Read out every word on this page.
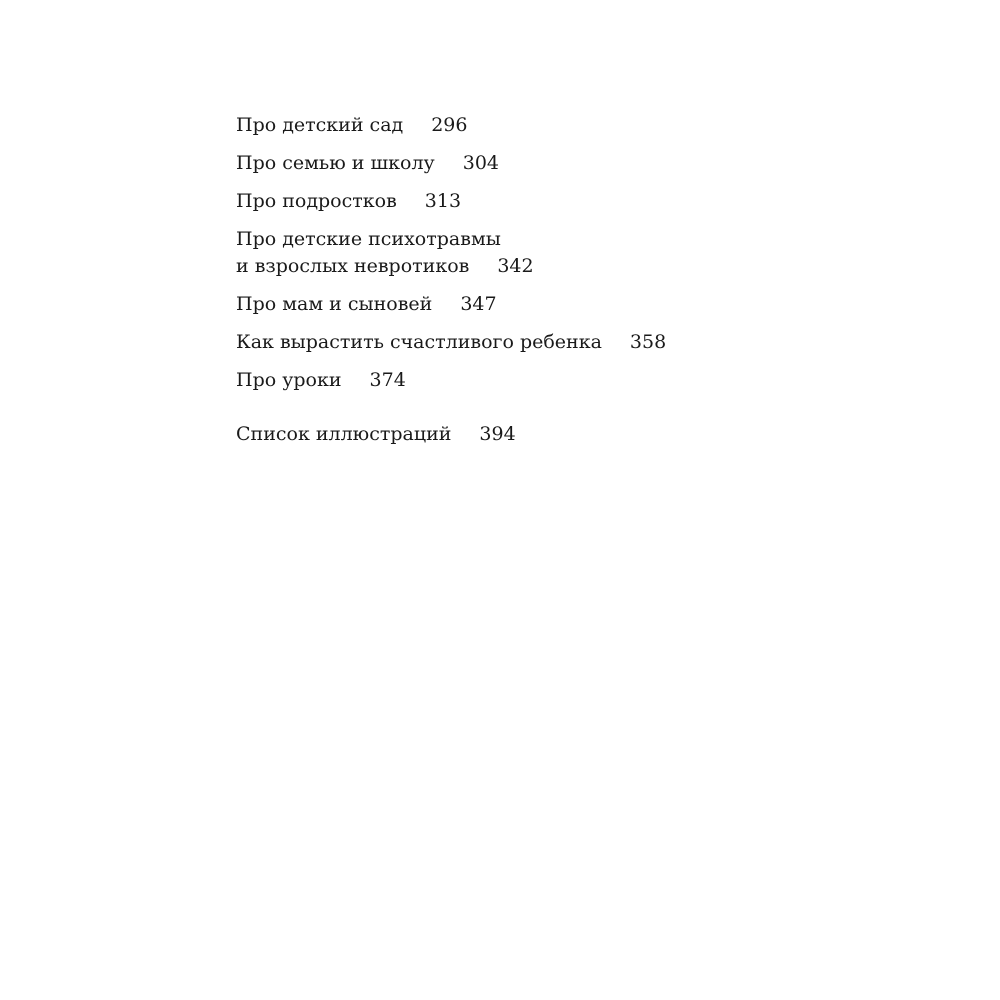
Про детский сад 296
Про семью и школу 304
Про подростков 313
Про детские психотравмы
и взрослых невротиков 342
Про мам и сыновей 347
Как вырастить счастливого ребенка 358
Про уроки 374
Список иллюстраций 394
